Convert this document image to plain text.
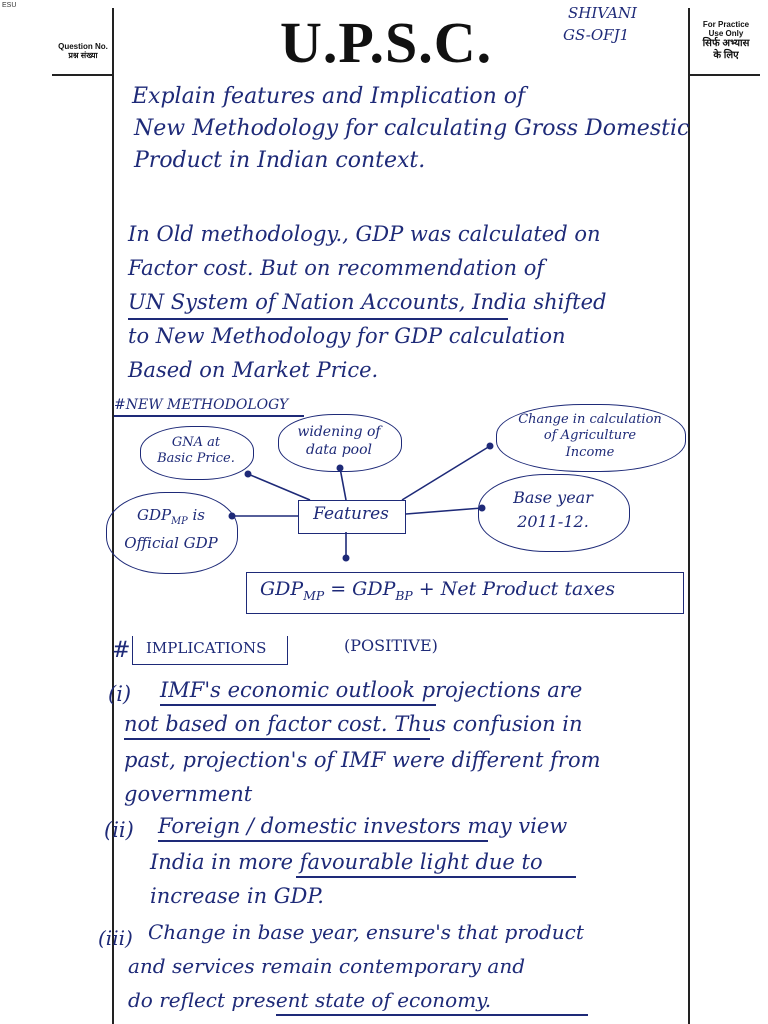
ESU
Question No.
प्रश्न संख्या	U.P.S.C.	SHIVANI
GS-OFJ1
For Practice
Use Only
सिर्फ अभ्यास
के लिए
Explain features and Implication of
New Methodology for calculating Gross Domestic
Product in Indian context.
In Old methodology., GDP was calculated on
Factor cost. But on recommendation of
UN System of Nation Accounts, India shifted
to New Methodology for GDP calculation
Based on Market Price.
#NEW METHODOLOGY
GNA at
Basic Price.
widening of
data pool
Change in calculation
of Agriculture
Income
$GDP_{MP}$ is
Official GDP
Base year
2011-12.
Features
$GDP_{MP} = GDP_{BP}$ + Net Product taxes
# IMPLICATIONS	(POSITIVE)
(i) IMF's economic outlook projections are
not based on factor cost. Thus confusion in
past, projection's of IMF were different from
government
(ii) Foreign / domestic investors may view
India in more favourable light due to
increase in GDP.
(iii) Change in base year, ensure's that product
and services remain contemporary and
do reflect present state of economy.
